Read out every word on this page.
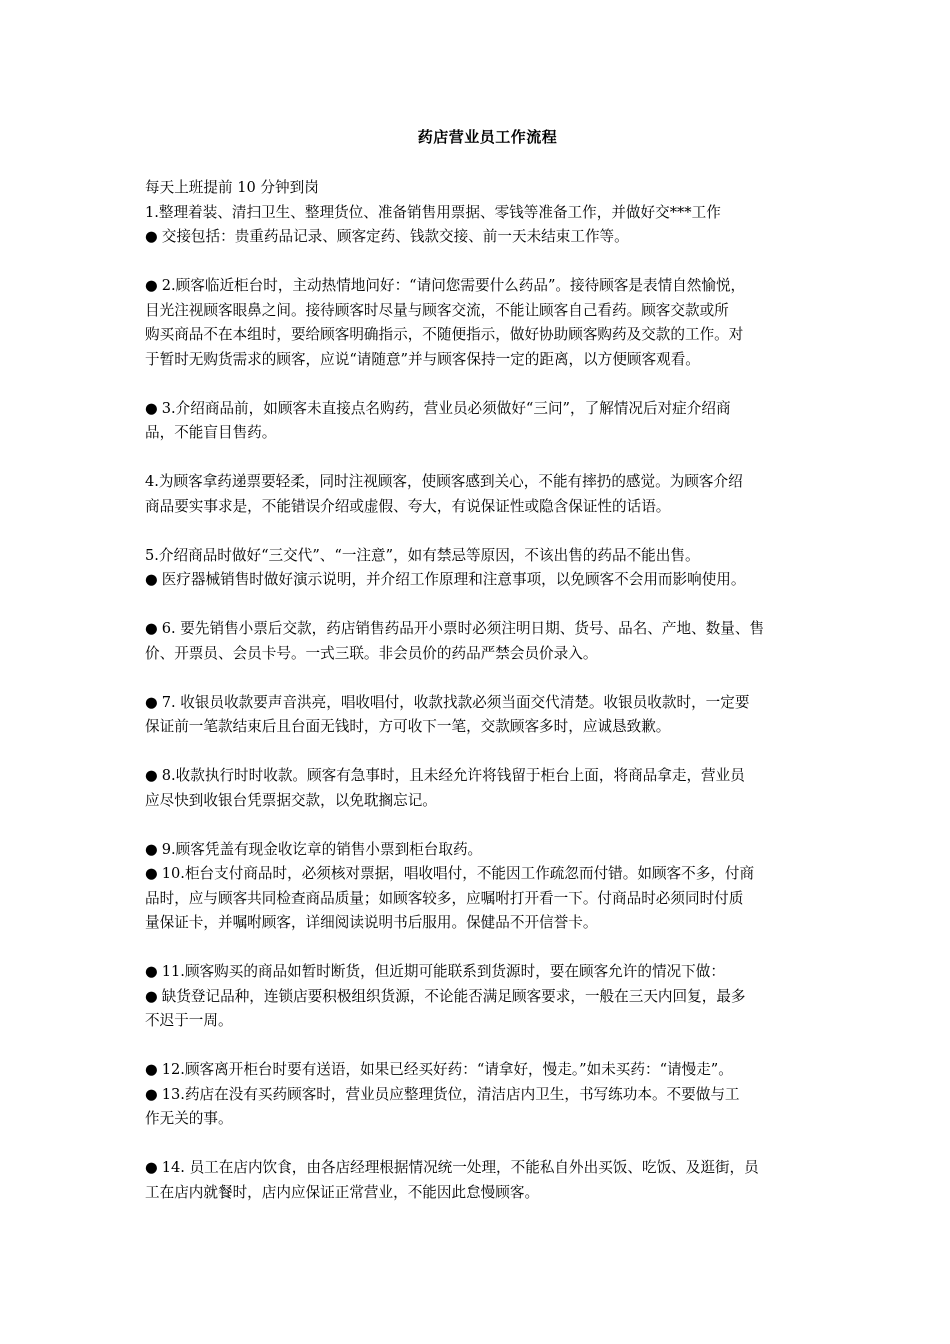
药店营业员工作流程
每天上班提前 10 分钟到岗
1.整理着装、清扫卫生、整理货位、准备销售用票据、零钱等准备工作，并做好交***工作
● 交接包括：贵重药品记录、顾客定药、钱款交接、前一天未结束工作等。
● 2.顾客临近柜台时，主动热情地问好：“请问您需要什么药品”。接待顾客是表情自然愉悦，
目光注视顾客眼鼻之间。接待顾客时尽量与顾客交流，不能让顾客自己看药。顾客交款或所
购买商品不在本组时，要给顾客明确指示，不随便指示，做好协助顾客购药及交款的工作。对
于暂时无购货需求的顾客，应说“请随意”并与顾客保持一定的距离，以方便顾客观看。
● 3.介绍商品前，如顾客未直接点名购药，营业员必须做好“三问”，了解情况后对症介绍商
品，不能盲目售药。
4.为顾客拿药递票要轻柔，同时注视顾客，使顾客感到关心，不能有摔扔的感觉。为顾客介绍
商品要实事求是，不能错误介绍或虚假、夸大，有说保证性或隐含保证性的话语。
5.介绍商品时做好“三交代”、“一注意”，如有禁忌等原因，不该出售的药品不能出售。
● 医疗器械销售时做好演示说明，并介绍工作原理和注意事项，以免顾客不会用而影响使用。
● 6. 要先销售小票后交款，药店销售药品开小票时必须注明日期、货号、品名、产地、数量、售
价、开票员、会员卡号。一式三联。非会员价的药品严禁会员价录入。
● 7. 收银员收款要声音洪亮，唱收唱付，收款找款必须当面交代清楚。收银员收款时，一定要
保证前一笔款结束后且台面无钱时，方可收下一笔，交款顾客多时，应诚恳致歉。
● 8.收款执行时时收款。顾客有急事时，且未经允许将钱留于柜台上面，将商品拿走，营业员
应尽快到收银台凭票据交款，以免耽搁忘记。
● 9.顾客凭盖有现金收讫章的销售小票到柜台取药。
● 10.柜台支付商品时，必须核对票据，唱收唱付，不能因工作疏忽而付错。如顾客不多，付商
品时，应与顾客共同检查商品质量；如顾客较多，应嘱咐打开看一下。付商品时必须同时付质
量保证卡，并嘱咐顾客，详细阅读说明书后服用。保健品不开信誉卡。
● 11.顾客购买的商品如暂时断货，但近期可能联系到货源时，要在顾客允许的情况下做：
● 缺货登记品种，连锁店要积极组织货源，不论能否满足顾客要求，一般在三天内回复，最多
不迟于一周。
● 12.顾客离开柜台时要有送语，如果已经买好药：“请拿好，慢走。”如未买药：“请慢走”。
● 13.药店在没有买药顾客时，营业员应整理货位，清洁店内卫生，书写练功本。不要做与工
作无关的事。
● 14. 员工在店内饮食，由各店经理根据情况统一处理，不能私自外出买饭、吃饭、及逛街，员
工在店内就餐时，店内应保证正常营业，不能因此怠慢顾客。
